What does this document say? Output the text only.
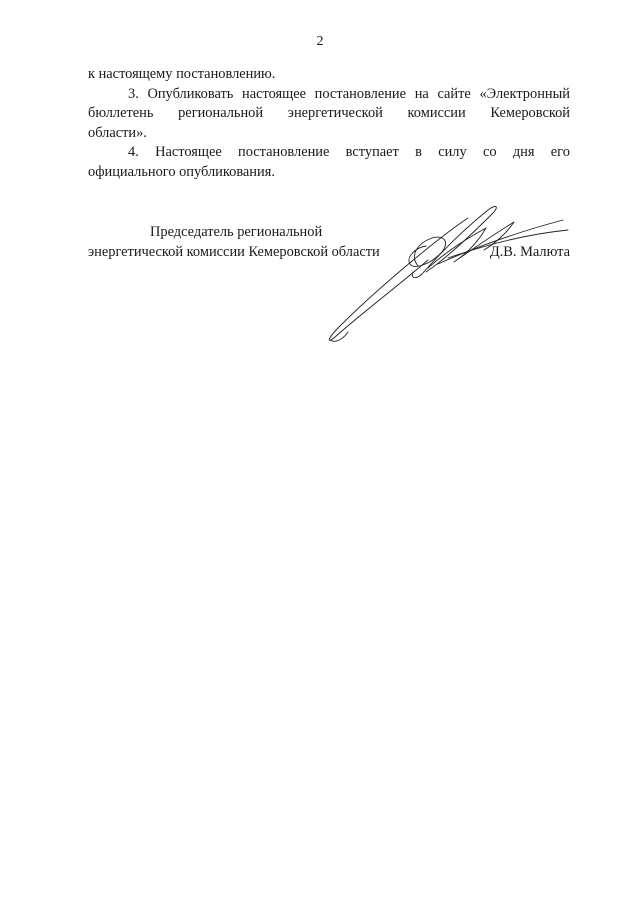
2
к настоящему постановлению.
3. Опубликовать настоящее постановление на сайте «Электронный
бюллетень региональной энергетической комиссии Кемеровской
области».
4. Настоящее постановление вступает в силу со дня его
официального опубликования.
Председатель региональной
энергетической комиссии Кемеровской области	Д.В. Малюта
